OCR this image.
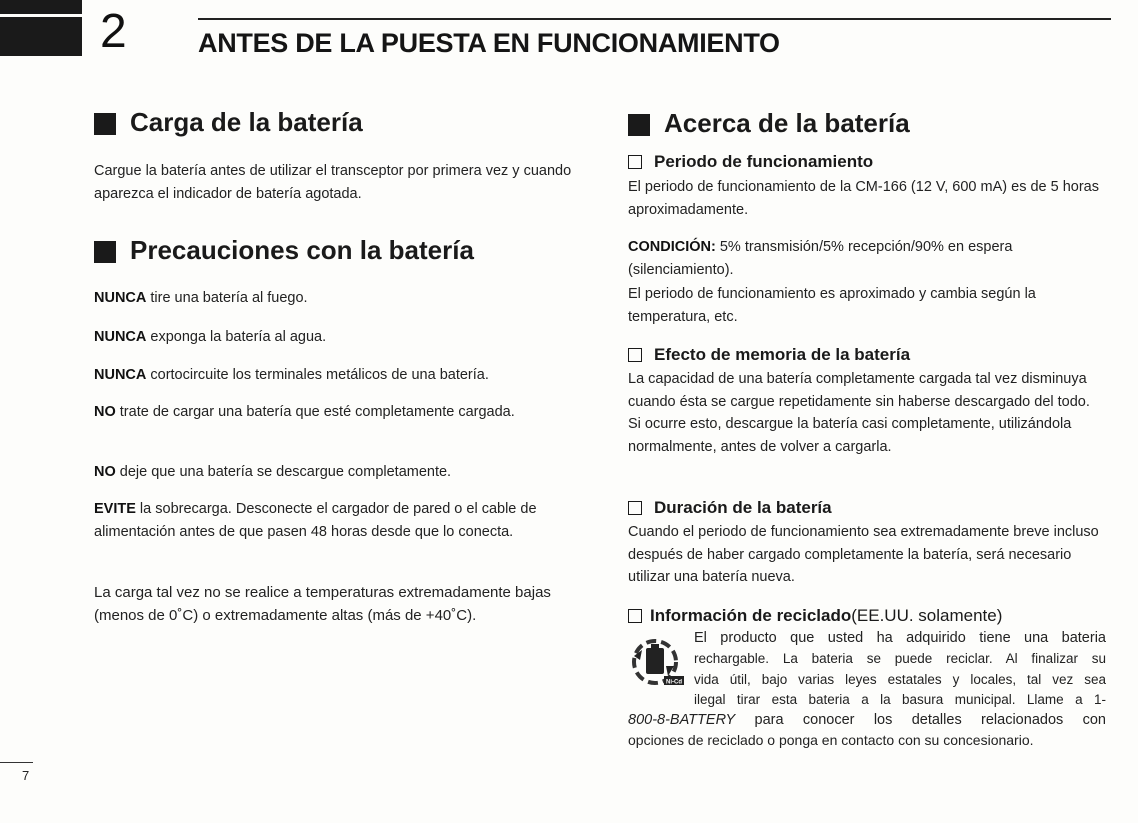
2	ANTES DE LA PUESTA EN FUNCIONAMIENTO
Carga de la batería
Cargue la batería antes de utilizar el transceptor por primera vez y cuando aparezca el indicador de batería agotada.
Precauciones con la batería
NUNCA tire una batería al fuego.
NUNCA exponga la batería al agua.
NUNCA cortocircuite los terminales metálicos de una batería.
NO trate de cargar una batería que esté completamente cargada.
NO deje que una batería se descargue completamente.
EVITE la sobrecarga. Desconecte el cargador de pared o el cable de alimentación antes de que pasen 48 horas desde que lo conecta.
La carga tal vez no se realice a temperaturas extremadamente bajas (menos de 0˚C) o extremadamente altas (más de +40˚C).
Acerca de la batería
Periodo de funcionamiento
El periodo de funcionamiento de la CM-166 (12 V, 600 mA) es de 5 horas aproximadamente.
CONDICIÓN: 5% transmisión/5% recepción/90% en espera (silenciamiento).
El periodo de funcionamiento es aproximado y cambia según la temperatura, etc.
Efecto de memoria de la batería
La capacidad de una batería completamente cargada tal vez disminuya cuando ésta se cargue repetidamente sin haberse descargado del todo. Si ocurre esto, descargue la batería casi completamente, utilizándola normalmente, antes de volver a cargarla.
Duración de la batería
Cuando el periodo de funcionamiento sea extremadamente breve incluso después de haber cargado completamente la batería, será necesario utilizar una batería nueva.
Información de reciclado (EE.UU. solamente)
Ni-Cd
El producto que usted ha adquirido tiene una bateria
rechargable. La bateria se puede reciclar. Al finalizar su
vida útil, bajo varias leyes estatales y locales, tal vez sea
ilegal tirar esta bateria a la basura municipal. Llame a 1-
800-8-BATTERY para conocer los detalles relacionados con
opciones de reciclado o ponga en contacto con su concesionario.
7
